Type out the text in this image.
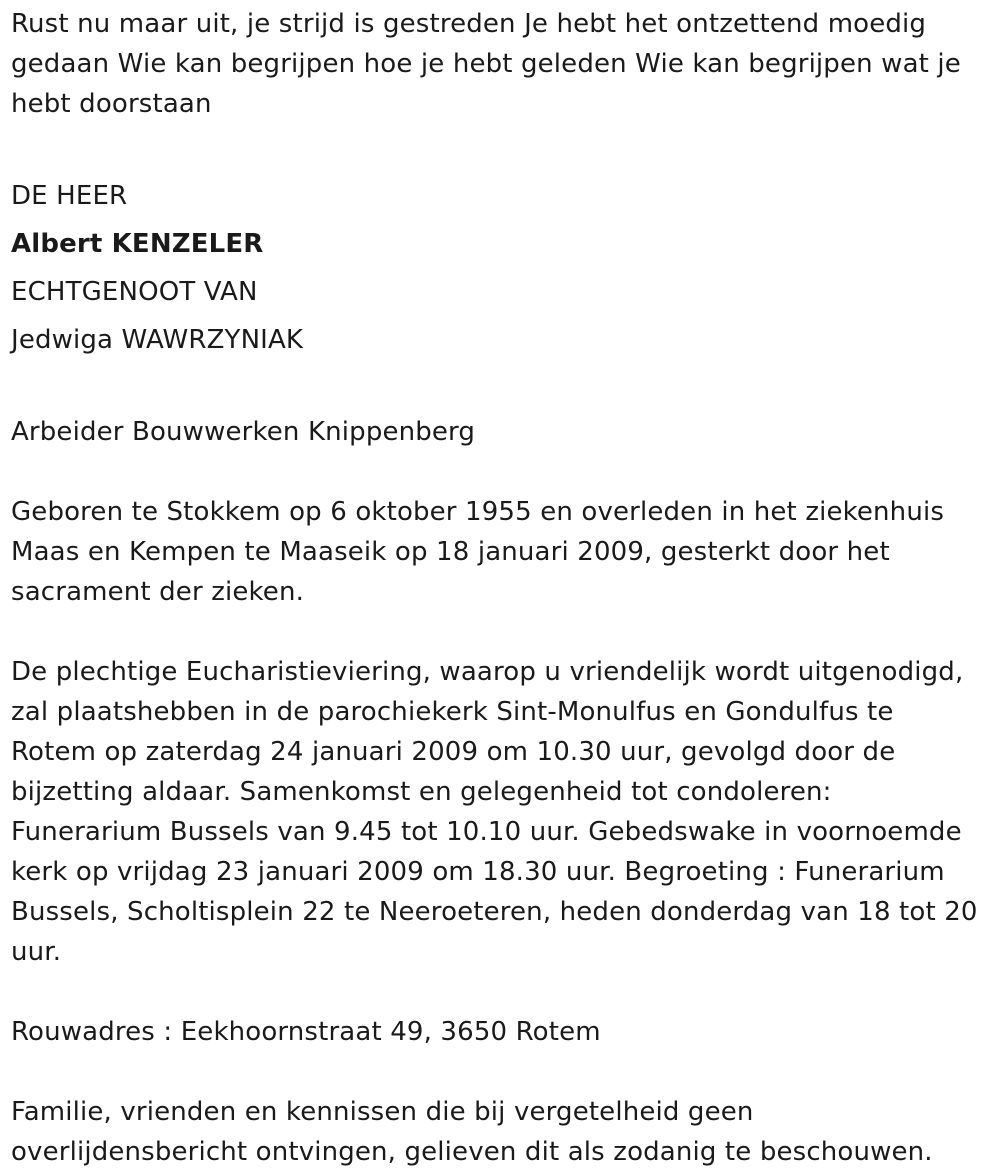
Rust nu maar uit, je strijd is gestreden Je hebt het ontzettend moedig gedaan Wie kan begrijpen hoe je hebt geleden Wie kan begrijpen wat je hebt doorstaan

DE HEER

Albert KENZELER

ECHTGENOOT VAN

Jedwiga WAWRZYNIAK

Arbeider Bouwwerken Knippenberg

Geboren te Stokkem op 6 oktober 1955 en overleden in het ziekenhuis Maas en Kempen te Maaseik op 18 januari 2009, gesterkt door het sacrament der zieken.

De plechtige Eucharistieviering, waarop u vriendelijk wordt uitgenodigd, zal plaatshebben in de parochiekerk Sint-Monulfus en Gondulfus te Rotem op zaterdag 24 januari 2009 om 10.30 uur, gevolgd door de bijzetting aldaar. Samenkomst en gelegenheid tot condoleren: Funerarium Bussels van 9.45 tot 10.10 uur. Gebedswake in voornoemde kerk op vrijdag 23 januari 2009 om 18.30 uur. Begroeting : Funerarium Bussels, Scholtisplein 22 te Neeroeteren, heden donderdag van 18 tot 20 uur.

Rouwadres : Eekhoornstraat 49, 3650 Rotem

Familie, vrienden en kennissen die bij vergetelheid geen overlijdensbericht ontvingen, gelieven dit als zodanig te beschouwen.
